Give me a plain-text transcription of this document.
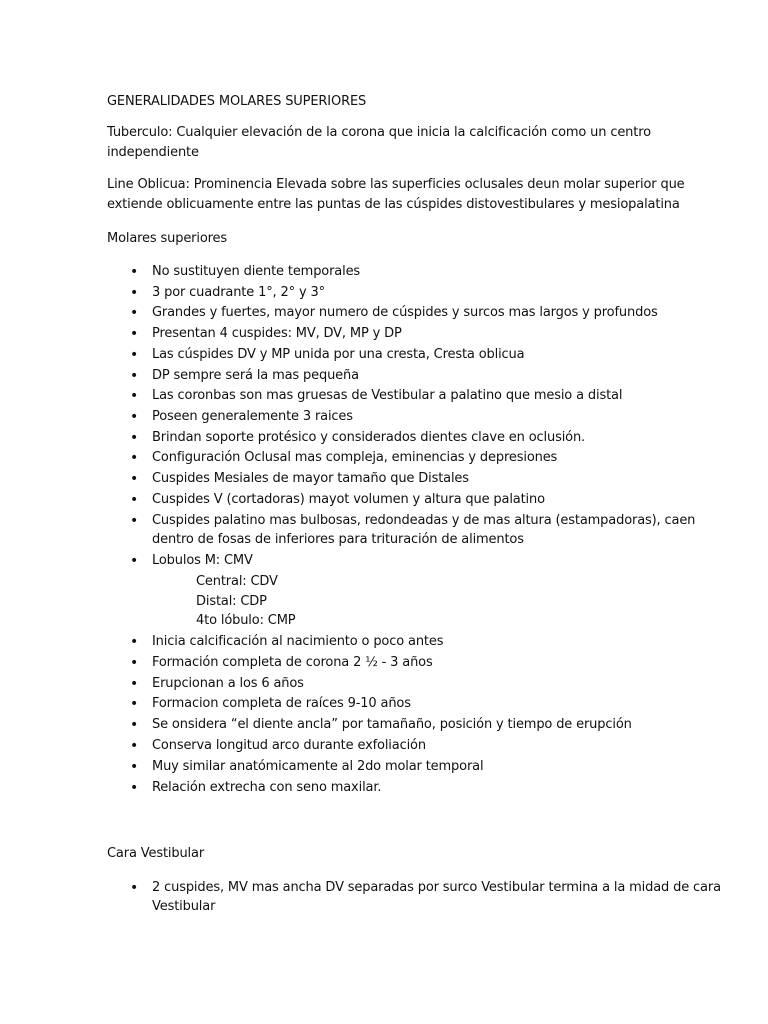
GENERALIDADES MOLARES SUPERIORES
Tuberculo: Cualquier elevación de la corona que inicia la calcificación como un centro
independiente
Line Oblicua: Prominencia Elevada sobre las superficies oclusales deun molar superior que
extiende oblicuamente entre las puntas de las cúspides distovestibulares y mesiopalatina
Molares superiores
• No sustituyen diente temporales
• 3 por cuadrante 1°, 2° y 3°
• Grandes y fuertes, mayor numero de cúspides y surcos mas largos y profundos
• Presentan 4 cuspides: MV, DV, MP y DP
• Las cúspides DV y MP unida por una cresta, Cresta oblicua
• DP sempre será la mas pequeña
• Las coronbas son mas gruesas de Vestibular a palatino que mesio a distal
• Poseen generalemente 3 raices
• Brindan soporte protésico y considerados dientes clave en oclusión.
• Configuración Oclusal mas compleja, eminencias y depresiones
• Cuspides Mesiales de mayor tamaño que Distales
• Cuspides V (cortadoras) mayot volumen y altura que palatino
• Cuspides palatino mas bulbosas, redondeadas y de mas altura (estampadoras), caen
dentro de fosas de inferiores para trituración de alimentos
• Lobulos M: CMV
Central: CDV
Distal: CDP
4to lóbulo: CMP
• Inicia calcificación al nacimiento o poco antes
• Formación completa de corona 2 ½ - 3 años
• Erupcionan a los 6 años
• Formacion completa de raíces 9-10 años
• Se onsidera “el diente ancla” por tamañaño, posición y tiempo de erupción
• Conserva longitud arco durante exfoliación
• Muy similar anatómicamente al 2do molar temporal
• Relación extrecha con seno maxilar.
Cara Vestibular
• 2 cuspides, MV mas ancha DV separadas por surco Vestibular termina a la midad de cara
Vestibular
